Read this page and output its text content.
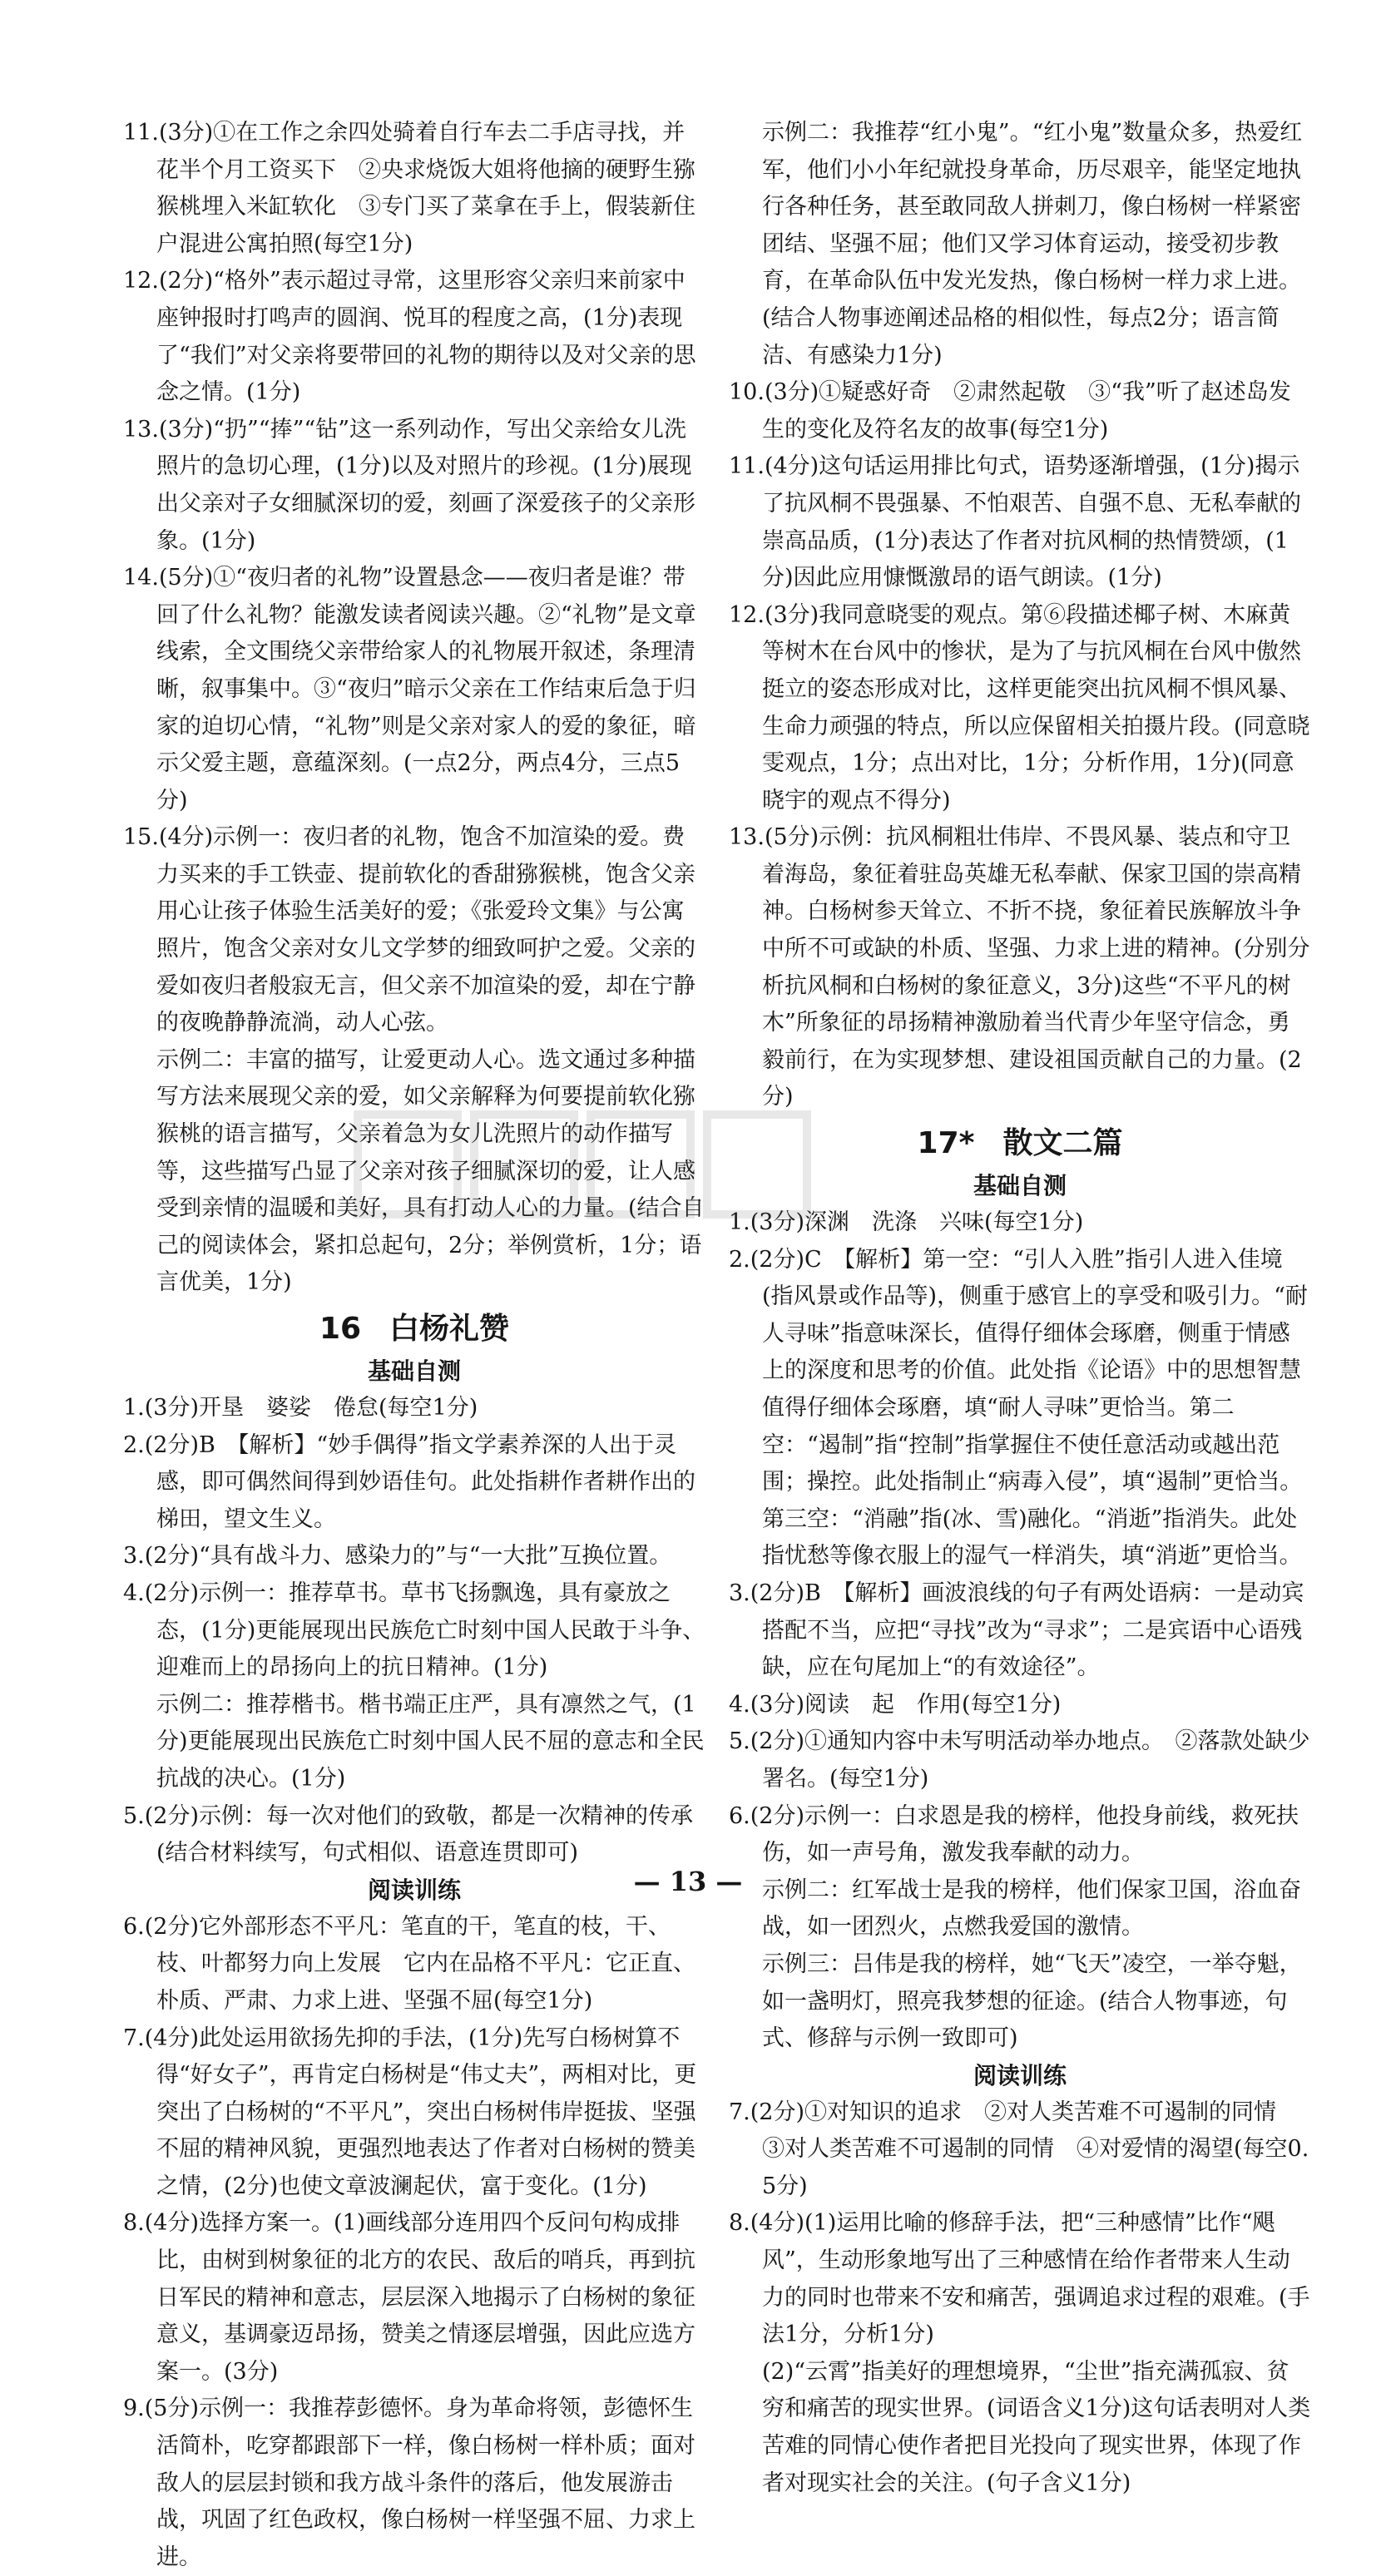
11.(3分)①在工作之余四处骑着自行车去二手店寻找，并花半个月工资买下　②央求烧饭大姐将他摘的硬野生猕猴桃埋入米缸软化　③专门买了菜拿在手上，假装新住户混进公寓拍照(每空1分)

12.(2分)“格外”表示超过寻常，这里形容父亲归来前家中座钟报时打鸣声的圆润、悦耳的程度之高，(1分)表现了“我们”对父亲将要带回的礼物的期待以及对父亲的思念之情。(1分)

13.(3分)“扔”“捧”“钻”这一系列动作，写出父亲给女儿洗照片的急切心理，(1分)以及对照片的珍视。(1分)展现出父亲对子女细腻深切的爱，刻画了深爱孩子的父亲形象。(1分)

14.(5分)①“夜归者的礼物”设置悬念——夜归者是谁？带回了什么礼物？能激发读者阅读兴趣。②“礼物”是文章线索，全文围绕父亲带给家人的礼物展开叙述，条理清晰，叙事集中。③“夜归”暗示父亲在工作结束后急于归家的迫切心情，“礼物”则是父亲对家人的爱的象征，暗示父爱主题，意蕴深刻。(一点2分，两点4分，三点5分)

15.(4分)示例一：夜归者的礼物，饱含不加渲染的爱。费力买来的手工铁壶、提前软化的香甜猕猴桃，饱含父亲用心让孩子体验生活美好的爱；《张爱玲文集》与公寓照片，饱含父亲对女儿文学梦的细致呵护之爱。父亲的爱如夜归者般寂无言，但父亲不加渲染的爱，却在宁静的夜晚静静流淌，动人心弦。

示例二：丰富的描写，让爱更动人心。选文通过多种描写方法来展现父亲的爱，如父亲解释为何要提前软化猕猴桃的语言描写，父亲着急为女儿洗照片的动作描写等，这些描写凸显了父亲对孩子细腻深切的爱，让人感受到亲情的温暖和美好，具有打动人心的力量。(结合自己的阅读体会，紧扣总起句，2分；举例赏析，1分；语言优美，1分)

16 白杨礼赞
基础自测

1.(3分)开垦　婆娑　倦怠(每空1分)

2.(2分)B　【解析】“妙手偶得”指文学素养深的人出于灵感，即可偶然间得到妙语佳句。此处指耕作者耕作出的梯田，望文生义。

3.(2分)“具有战斗力、感染力的”与“一大批”互换位置。

4.(2分)示例一：推荐草书。草书飞扬飘逸，具有豪放之态，(1分)更能展现出民族危亡时刻中国人民敢于斗争、迎难而上的昂扬向上的抗日精神。(1分)

示例二：推荐楷书。楷书端正庄严，具有凛然之气，(1分)更能展现出民族危亡时刻中国人民不屈的意志和全民抗战的决心。(1分)

5.(2分)示例：每一次对他们的致敬，都是一次精神的传承(结合材料续写，句式相似、语意连贯即可)

阅读训练

6.(2分)它外部形态不平凡：笔直的干，笔直的枝，干、枝、叶都努力向上发展　它内在品格不平凡：它正直、朴质、严肃、力求上进、坚强不屈(每空1分)

7.(4分)此处运用欲扬先抑的手法，(1分)先写白杨树算不得“好女子”，再肯定白杨树是“伟丈夫”，两相对比，更突出了白杨树的“不平凡”，突出白杨树伟岸挺拔、坚强不屈的精神风貌，更强烈地表达了作者对白杨树的赞美之情，(2分)也使文章波澜起伏，富于变化。(1分)

8.(4分)选择方案一。(1)画线部分连用四个反问句构成排比，由树到树象征的北方的农民、敌后的哨兵，再到抗日军民的精神和意志，层层深入地揭示了白杨树的象征意义，基调豪迈昂扬，赞美之情逐层增强，因此应选方案一。(3分)

9.(5分)示例一：我推荐彭德怀。身为革命将领，彭德怀生活简朴，吃穿都跟部下一样，像白杨树一样朴质；面对敌人的层层封锁和我方战斗条件的落后，他发展游击战，巩固了红色政权，像白杨树一样坚强不屈、力求上进。

示例二：我推荐“红小鬼”。“红小鬼”数量众多，热爱红军，他们小小年纪就投身革命，历尽艰辛，能坚定地执行各种任务，甚至敢同敌人拼刺刀，像白杨树一样紧密团结、坚强不屈；他们又学习体育运动，接受初步教育，在革命队伍中发光发热，像白杨树一样力求上进。(结合人物事迹阐述品格的相似性，每点2分；语言简洁、有感染力1分)

10.(3分)①疑惑好奇　②肃然起敬　③“我”听了赵述岛发生的变化及符名友的故事(每空1分)

11.(4分)这句话运用排比句式，语势逐渐增强，(1分)揭示了抗风桐不畏强暴、不怕艰苦、自强不息、无私奉献的崇高品质，(1分)表达了作者对抗风桐的热情赞颂，(1分)因此应用慷慨激昂的语气朗读。(1分)

12.(3分)我同意晓雯的观点。第⑥段描述椰子树、木麻黄等树木在台风中的惨状，是为了与抗风桐在台风中傲然挺立的姿态形成对比，这样更能突出抗风桐不惧风暴、生命力顽强的特点，所以应保留相关拍摄片段。(同意晓雯观点，1分；点出对比，1分；分析作用，1分)(同意晓宇的观点不得分)

13.(5分)示例：抗风桐粗壮伟岸、不畏风暴、装点和守卫着海岛，象征着驻岛英雄无私奉献、保家卫国的崇高精神。白杨树参天耸立、不折不挠，象征着民族解放斗争中所不可或缺的朴质、坚强、力求上进的精神。(分别分析抗风桐和白杨树的象征意义，3分)这些“不平凡的树木”所象征的昂扬精神激励着当代青少年坚守信念，勇毅前行，在为实现梦想、建设祖国贡献自己的力量。(2分)

17* 散文二篇
基础自测

1.(3分)深渊　洗涤　兴味(每空1分)

2.(2分)C　【解析】第一空：“引人入胜”指引人进入佳境(指风景或作品等)，侧重于感官上的享受和吸引力。“耐人寻味”指意味深长，值得仔细体会琢磨，侧重于情感上的深度和思考的价值。此处指《论语》中的思想智慧值得仔细体会琢磨，填“耐人寻味”更恰当。第二空：“遏制”指“控制”指掌握住不使任意活动或越出范围；操控。此处指制止“病毒入侵”，填“遏制”更恰当。第三空：“消融”指(冰、雪)融化。“消逝”指消失。此处指忧愁等像衣服上的湿气一样消失，填“消逝”更恰当。

3.(2分)B　【解析】画波浪线的句子有两处语病：一是动宾搭配不当，应把“寻找”改为“寻求”；二是宾语中心语残缺，应在句尾加上“的有效途径”。

4.(3分)阅读　起　作用(每空1分)

5.(2分)①通知内容中未写明活动举办地点。　②落款处缺少署名。(每空1分)

6.(2分)示例一：白求恩是我的榜样，他投身前线，救死扶伤，如一声号角，激发我奉献的动力。

示例二：红军战士是我的榜样，他们保家卫国，浴血奋战，如一团烈火，点燃我爱国的激情。

示例三：吕伟是我的榜样，她“飞天”凌空，一举夺魁，如一盏明灯，照亮我梦想的征途。(结合人物事迹，句式、修辞与示例一致即可)

阅读训练

7.(2分)①对知识的追求　②对人类苦难不可遏制的同情　③对人类苦难不可遏制的同情　④对爱情的渴望(每空0.5分)

8.(4分)(1)运用比喻的修辞手法，把“三种感情”比作“飓风”，生动形象地写出了三种感情在给作者带来人生动力的同时也带来不安和痛苦，强调追求过程的艰难。(手法1分，分析1分)

(2)“云霄”指美好的理想境界，“尘世”指充满孤寂、贫穷和痛苦的现实世界。(词语含义1分)这句话表明对人类苦难的同情心使作者把目光投向了现实世界，体现了作者对现实社会的关注。(句子含义1分)

— 13 —
